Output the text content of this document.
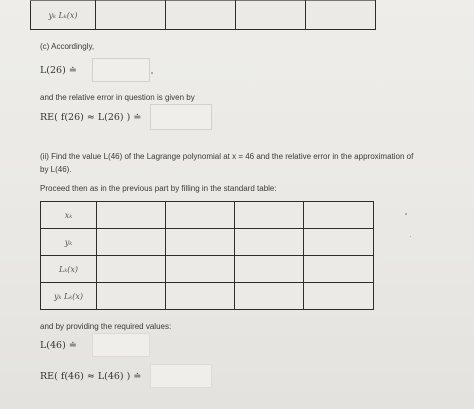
yₖ Lₖ(x)				
(c) Accordingly,
L(26) ≐
and the relative error in question is given by
RE( f(26) ≈ L(26) ) ≐
(ii) Find the value L(46) of the Lagrange polynomial at x = 46 and the relative error in the approximation of
by L(46).
Proceed then as in the previous part by filling in the standard table:
xₖ				
yₖ				
Lₖ(x)				
yₖ Lₖ(x)				
and by providing the required values:
L(46) ≐
RE( f(46) ≈ L(46) ) ≐
